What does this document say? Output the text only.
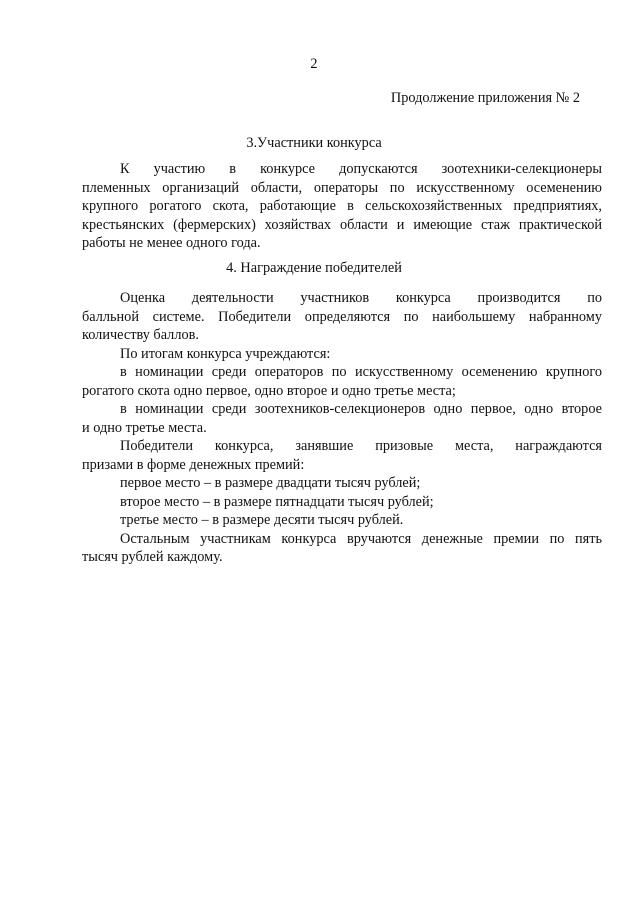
2
Продолжение приложения № 2
3.Участники конкурса
К участию в конкурсе допускаются зоотехники-селекционеры
племенных организаций области, операторы по искусственному осеменению
крупного рогатого скота, работающие в сельскохозяйственных предприятиях,
крестьянских (фермерских) хозяйствах области и имеющие стаж практической
работы не менее одного года.
4. Награждение победителей
Оценка деятельности участников конкурса производится по
балльной системе. Победители определяются по наибольшему набранному
количеству баллов.
По итогам конкурса учреждаются:
в номинации среди операторов по искусственному осеменению крупного
рогатого скота одно первое, одно второе и одно третье места;
в номинации среди зоотехников-селекционеров одно первое, одно второе
и одно третье места.
Победители конкурса, занявшие призовые места, награждаются
призами в форме денежных премий:
первое место – в размере двадцати тысяч рублей;
второе место – в размере пятнадцати тысяч рублей;
третье место – в размере десяти тысяч рублей.
Остальным участникам конкурса вручаются денежные премии по пять
тысяч рублей каждому.
